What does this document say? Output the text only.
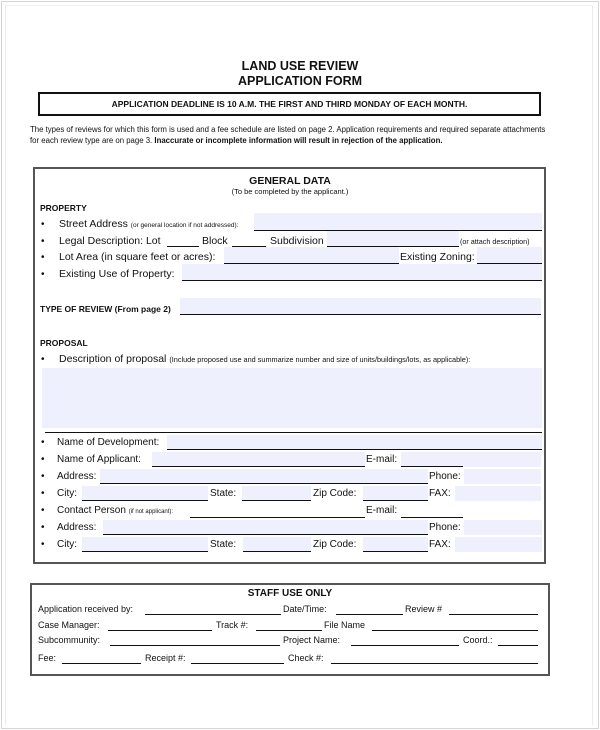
LAND USE REVIEW
APPLICATION FORM
APPLICATION DEADLINE IS 10 A.M. THE FIRST AND THIRD MONDAY OF EACH MONTH.
The types of reviews for which this form is used and a fee schedule are listed on page 2. Application requirements and required separate attachments for each review type are on page 3. Inaccurate or incomplete information will result in rejection of the application.
GENERAL DATA
(To be completed by the applicant.)
PROPERTY
• Street Address (or general location if not addressed):
• Legal Description: Lot	Block	Subdivision	(or attach description)
• Lot Area (in square feet or acres):	Existing Zoning:
• Existing Use of Property:
TYPE OF REVIEW (From page 2)
PROPOSAL
• Description of proposal (Include proposed use and summarize number and size of units/buildings/lots, as applicable):
• Name of Development:
• Name of Applicant:	E-mail:
• Address:	Phone:
• City:	State:	Zip Code:	FAX:
• Contact Person (if not applicant):	E-mail:
• Address:	Phone:
• City:	State:	Zip Code:	FAX:
STAFF USE ONLY
Application received by:	Date/Time:	Review #
Case Manager:	Track #:	File Name
Subcommunity:	Project Name:	Coord.:
Fee:	Receipt #:	Check #:
